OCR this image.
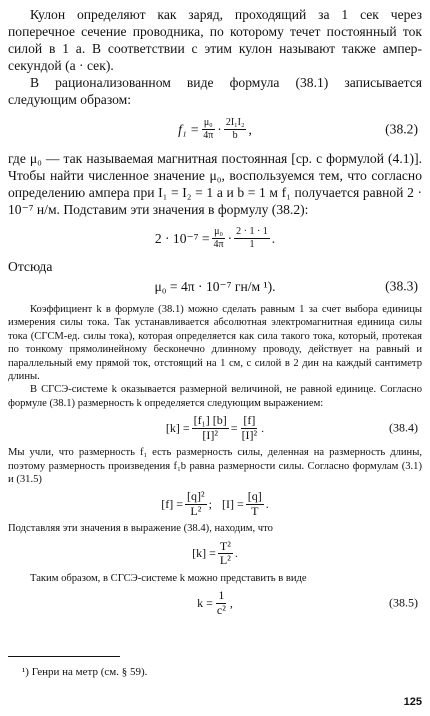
Кулон определяют как заряд, проходящий за 1 сек через поперечное сечение проводника, по которому течет постоянный ток силой в 1 а. В соответствии с этим кулон называют также ампер-секундой (а · сек).

В рационализованном виде формула (38.1) записывается следующим образом:

$f_1 = \frac{\text{μ₀}}{4\pi} \cdot \frac{\text{2I₁I₂}}{b}$ ,	(38.2)

где μ₀ — так называемая магнитная постоянная [ср. с формулой (4.1)]. Чтобы найти численное значение μ₀, воспользуемся тем, что согласно определению ампера при I₁ = I₂ = 1 а и b = 1 м f₁ получается равной 2 · 10⁻⁷ н/м. Подставим эти значения в формулу (38.2):

$2 \cdot 10^{-7} = \frac{\text{μ₀}}{4\pi} \cdot \frac{2 \cdot 1 \cdot 1}{1}$ .

Отсюда

μ₀ = 4π · 10⁻⁷ гн/м ¹).	(38.3)

Коэффициент k в формуле (38.1) можно сделать равным 1 за счет выбора единицы измерения силы тока. Так устанавливается абсолютная электромагнитная единица силы тока (СГСМ-ед. силы тока), которая определяется как сила такого тока, который, протекая по тонкому прямолинейному бесконечно длинному проводу, действует на равный и параллельный ему прямой ток, отстоящий на 1 см, с силой в 2 дин на каждый сантиметр длины.

В СГСЭ-системе k оказывается размерной величиной, не равной единице. Согласно формуле (38.1) размерность k определяется следующим выражением:

$[k] = \frac{\text{[f₁] [b]}}{\text{[I]²}} = \frac{[f]}{\text{[I]²}}$ .	(38.4)

Мы учли, что размерность f₁ есть размерность силы, деленная на размерность длины, поэтому размерность произведения f₁b равна размерности силы. Согласно формулам (3.1) и (31.5)

$[f] = \frac{\text{[q]²}}{\text{L²}}$ ; $[I] = \frac{[q]}{T}$ .

Подставляя эти значения в выражение (38.4), находим, что

$[k] = \frac{\text{T²}}{\text{L²}}$ .

Таким образом, в СГСЭ-системе k можно представить в виде

$k = \frac{1}{\text{c²}}$ ,	(38.5)
¹) Генри на метр (см. § 59).
125
